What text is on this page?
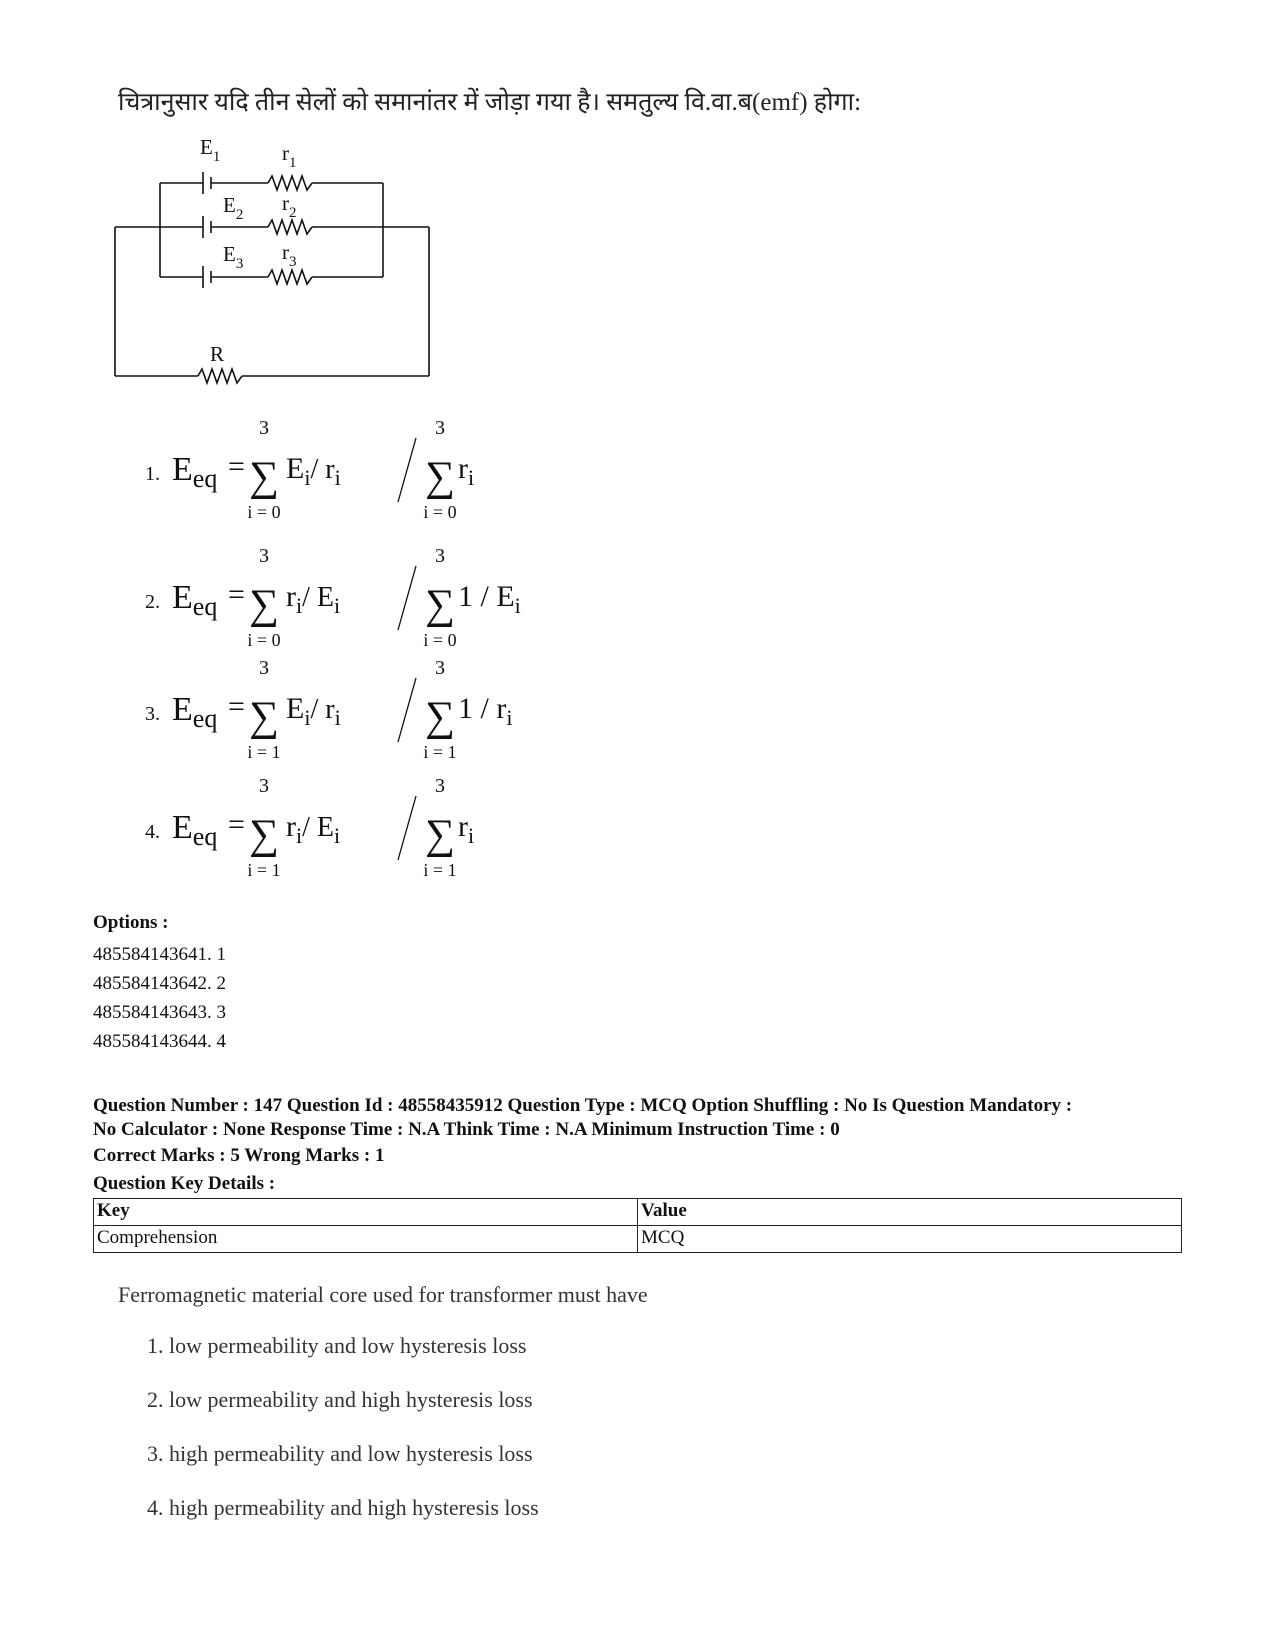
चित्रानुसार यदि तीन सेलों को समानांतर में जोड़ा गया है। समतुल्य वि.वा.ब(emf) होगा:
$E_1$	$r_1$
$E_2$ $r_2$
$E_3$ $r_3$
R
1. $E_{eq}$ =
3
∑
i = 0
$E_i/$ $r_i$
3
∑
i = 0
$r_i$
2. $E_{eq}$ =
3
∑
i = 0
$r_i/$ $E_i$
3
∑
i = 0
$1 / E_i$
3. $E_{eq}$ =
3
∑
i = 1
$E_i/$ $r_i$
3
∑
i = 1
$1 / r_i$
4. $E_{eq}$ =
3
∑
i = 1
$r_i/$ $E_i$
3
∑
i = 1
$r_i$
Options :
485584143641. 1
485584143642. 2
485584143643. 3
485584143644. 4
Question Number : 147 Question Id : 48558435912 Question Type : MCQ Option Shuffling : No Is Question Mandatory :
No Calculator : None Response Time : N.A Think Time : N.A Minimum Instruction Time : 0
Correct Marks : 5 Wrong Marks : 1
Question Key Details :
Key	Value
Comprehension	MCQ
Ferromagnetic material core used for transformer must have
1. low permeability and low hysteresis loss
2. low permeability and high hysteresis loss
3. high permeability and low hysteresis loss
4. high permeability and high hysteresis loss
